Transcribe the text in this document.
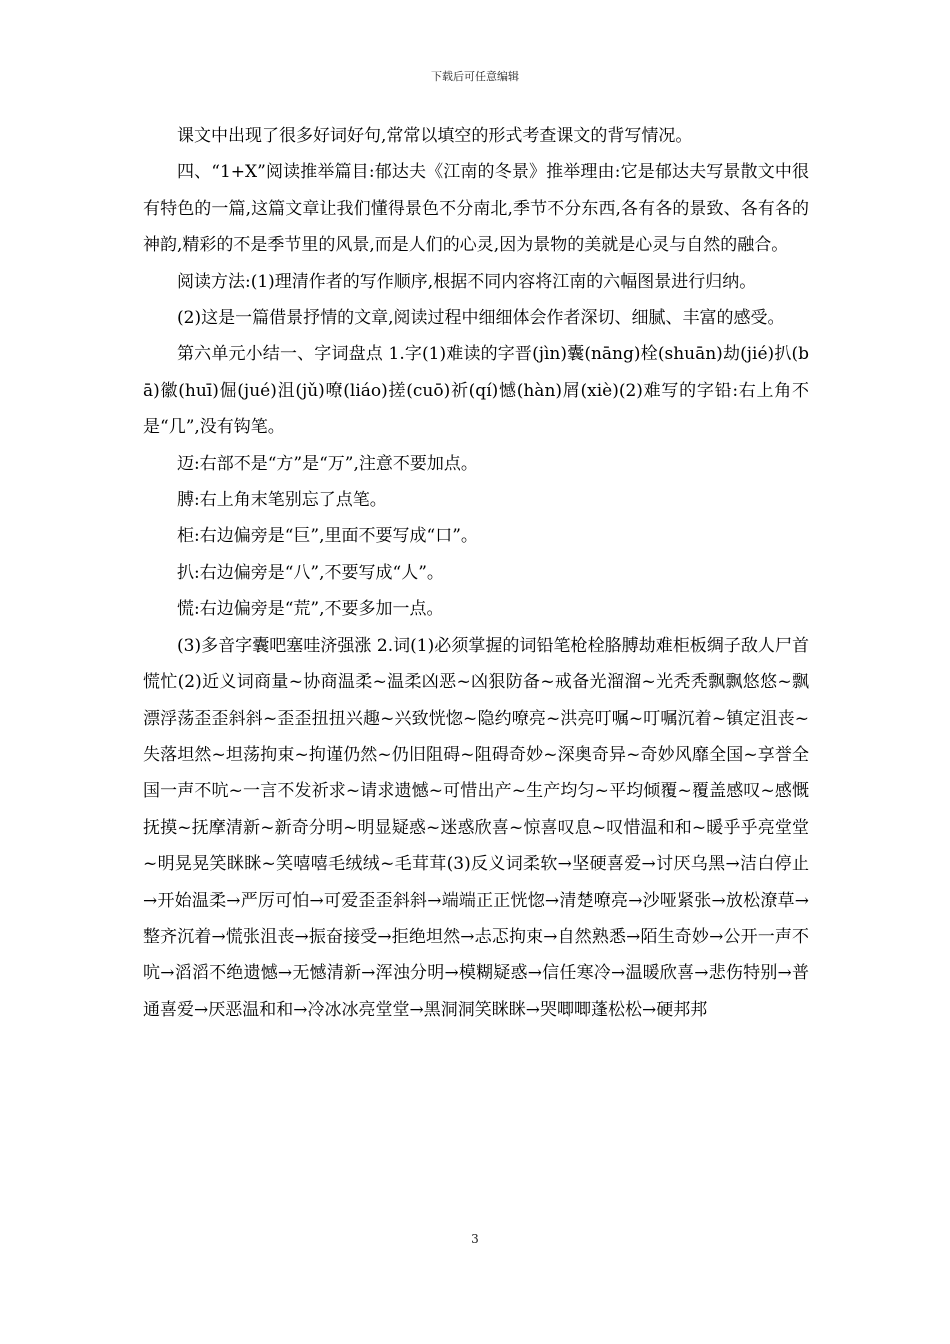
下载后可任意编辑

课文中出现了很多好词好句,常常以填空的形式考查课文的背写情况。

四、“1+X”阅读推举篇目:郁达夫《江南的冬景》推举理由:它是郁达夫写景散文中很有特色的一篇,这篇文章让我们懂得景色不分南北,季节不分东西,各有各的景致、各有各的神韵,精彩的不是季节里的风景,而是人们的心灵,因为景物的美就是心灵与自然的融合。

阅读方法:(1)理清作者的写作顺序,根据不同内容将江南的六幅图景进行归纳。

(2)这是一篇借景抒情的文章,阅读过程中细细体会作者深切、细腻、丰富的感受。

第六单元小结一、字词盘点 1.字(1)难读的字晋(jìn)囊(nāng)栓(shuān)劫(jié)扒(bā)徽(huī)倔(jué)沮(jǔ)嘹(liáo)搓(cuō)祈(qí)憾(hàn)屑(xiè)(2)难写的字铅:右上角不是“几”,没有钩笔。

迈:右部不是“方”是“万”,注意不要加点。

膊:右上角末笔别忘了点笔。

柜:右边偏旁是“巨”,里面不要写成“口”。

扒:右边偏旁是“八”,不要写成“人”。

慌:右边偏旁是“荒”,不要多加一点。

(3)多音字囊吧塞哇济强涨 2.词(1)必须掌握的词铅笔枪栓胳膊劫难柜板绸子敌人尸首慌忙(2)近义词商量~协商温柔~温柔凶恶~凶狠防备~戒备光溜溜~光秃秃飘飘悠悠~飘漂浮荡歪歪斜斜~歪歪扭扭兴趣~兴致恍惚~隐约嘹亮~洪亮叮嘱~叮嘱沉着~镇定沮丧~失落坦然~坦荡拘束~拘谨仍然~仍旧阻碍~阻碍奇妙~深奥奇异~奇妙风靡全国~享誉全国一声不吭~一言不发祈求~请求遗憾~可惜出产~生产均匀~平均倾覆~覆盖感叹~感慨抚摸~抚摩清新~新奇分明~明显疑惑~迷惑欣喜~惊喜叹息~叹惜温和和~暖乎乎亮堂堂~明晃晃笑眯眯~笑嘻嘻毛绒绒~毛茸茸(3)反义词柔软→坚硬喜爱→讨厌乌黑→洁白停止→开始温柔→严厉可怕→可爱歪歪斜斜→端端正正恍惚→清楚嘹亮→沙哑紧张→放松潦草→整齐沉着→慌张沮丧→振奋接受→拒绝坦然→忐忑拘束→自然熟悉→陌生奇妙→公开一声不吭→滔滔不绝遗憾→无憾清新→浑浊分明→模糊疑惑→信任寒冷→温暖欣喜→悲伤特别→普通喜爱→厌恶温和和→冷冰冰亮堂堂→黑洞洞笑眯眯→哭唧唧蓬松松→硬邦邦

3
